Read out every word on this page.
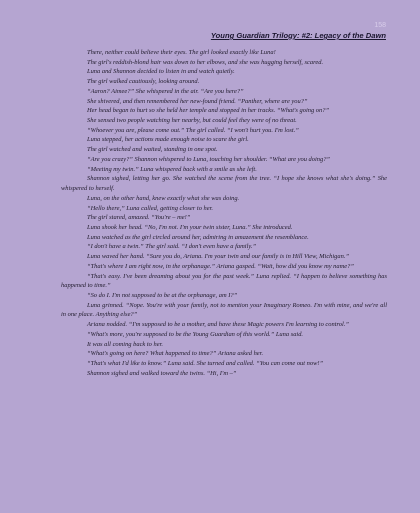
158
Young Guardian Trilogy: #2: Legacy of the Dawn

There, neither could believe their eyes. The girl looked exactly like Luna!

The girl's reddish-blond hair was down to her elbows, and she was hugging herself, scared.

Luna and Shannon decided to listen in and watch quietly.

The girl walked cautiously, looking around.

“Aaron? Aimee?” She whispered in the air. “Are you here?”

She shivered, and then remembered her new-found friend. “Panther, where are you?”

Her head began to hurt so she held her temple and stopped in her tracks. “What's going on?”

She sensed two people watching her nearby, but could feel they were of no threat.

“Whoever you are, please come out.” The girl called. “I won't hurt you. I'm lost.”

Luna stepped, her actions made enough noise to scare the girl.

The girl watched and waited, standing in one spot.

“Are you crazy?” Shannon whispered to Luna, touching her shoulder. “What are you doing?”

“Meeting my twin.” Luna whispered back with a smile as she left.

Shannon sighed, letting her go. She watched the scene from the tree. “I hope she knows what she's doing.” She whispered to herself.

Luna, on the other hand, knew exactly what she was doing.

“Hello there,” Luna called, getting closer to her.

The girl stared, amazed. “You're – me!”

Luna shook her head. “No, I'm not. I'm your twin sister, Luna.” She introduced.

Luna watched as the girl circled around her, admiring in amazement the resemblance.

“I don't have a twin.” The girl said. “I don't even have a family.”

Luna waved her hand. “Sure you do, Ariana. I'm your twin and our family is in Hill View, Michigan.”

“That's where I am right now, in the orphanage.” Ariana gasped. “Wait, how did you know my name?”

“That's easy. I've been dreaming about you for the past week.” Luna replied. “I happen to believe something has happened to time.”

“So do I. I'm not supposed to be at the orphanage, am I?”

Luna grinned. “Nope. You're with your family, not to mention your Imaginary Romeo. I'm with mine, and we're all in one place. Anything else?”

Ariana nodded. “I'm supposed to be a mother, and have these Magic powers I'm learning to control.”

“What's more, you're supposed to be the Young Guardian of this world.” Luna said.

It was all coming back to her.

“What's going on here? What happened to time?” Ariana asked her.

“That's what I'd like to know.” Luna said. She turned and called. “You can come out now!”

Shannon sighed and walked toward the twins. “Hi, I'm –”
